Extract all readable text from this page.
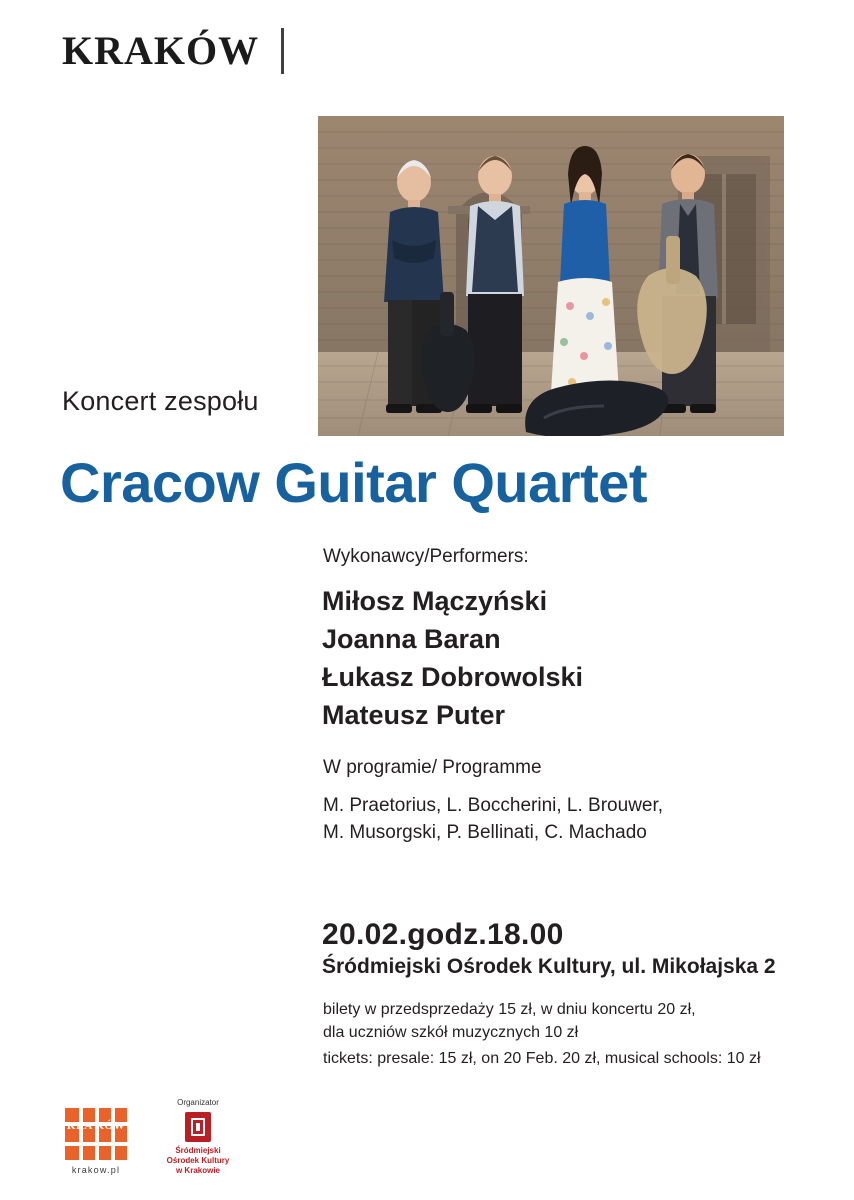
KRAKÓW
Koncert zespołu
Cracow Guitar Quartet
Wykonawcy/Performers:
Miłosz Mączyński
Joanna Baran
Łukasz Dobrowolski
Mateusz Puter
W programie/ Programme
M. Praetorius, L. Boccherini, L. Brouwer,
M. Musorgski, P. Bellinati, C. Machado
20.02.godz.18.00
Śródmiejski Ośrodek Kultury, ul. Mikołajska 2
bilety w przedsprzedaży 15 zł, w dniu koncertu 20 zł,
dla uczniów szkół muzycznych 10 zł
tickets: presale: 15 zł, on 20 Feb. 20 zł, musical schools: 10 zł
KRA KÓW
krakow.pl
Organizator
Śródmiejski
Ośrodek Kultury
w Krakowie
